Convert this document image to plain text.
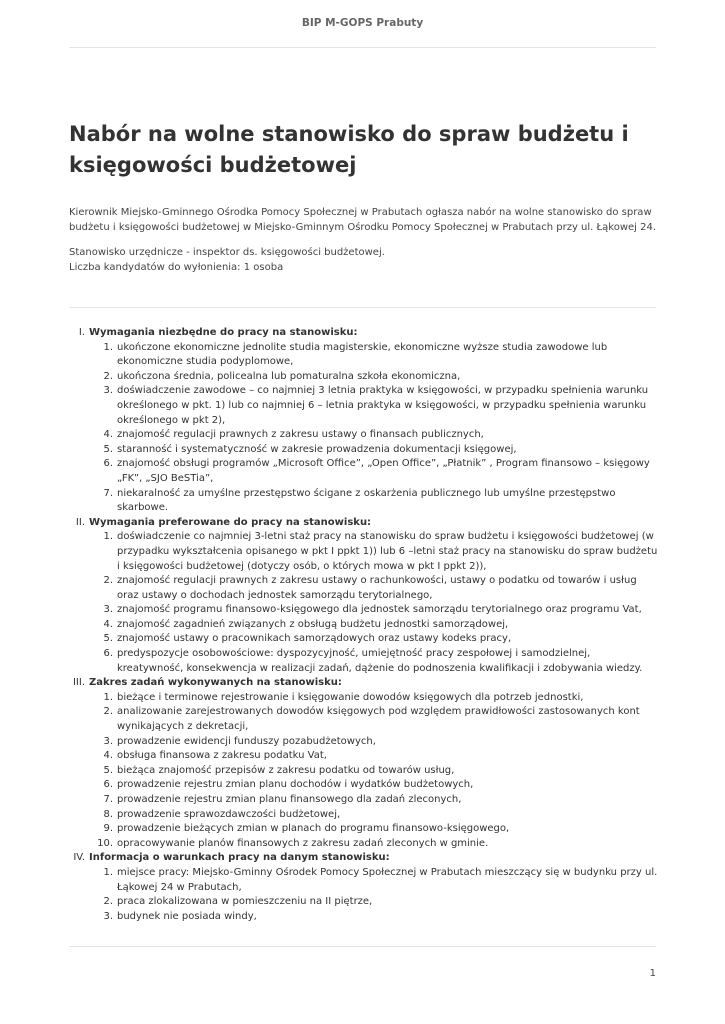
BIP M-GOPS Prabuty
Nabór na wolne stanowisko do spraw budżetu i księgowości budżetowej

Kierownik Miejsko-Gminnego Ośrodka Pomocy Społecznej w Prabutach ogłasza nabór na wolne stanowisko do spraw budżetu i księgowości budżetowej w Miejsko-Gminnym Ośrodku Pomocy Społecznej w Prabutach przy ul. Łąkowej 24.

Stanowisko urzędnicze - inspektor ds. księgowości budżetowej.
Liczba kandydatów do wyłonienia: 1 osoba
I. Wymagania niezbędne do pracy na stanowisku:
1 . ukończone ekonomiczne jednolite studia magisterskie, ekonomiczne wyższe studia zawodowe lub ekonomiczne studia podyplomowe,
2 . ukończona średnia, policealna lub pomaturalna szkoła ekonomiczna,
3 . doświadczenie zawodowe – co najmniej 3 letnia praktyka w księgowości, w przypadku spełnienia warunku określonego w pkt. 1) lub co najmniej 6 – letnia praktyka w księgowości, w przypadku spełnienia warunku określonego w pkt 2),
4 . znajomość regulacji prawnych z zakresu ustawy o finansach publicznych,
5 . staranność i systematyczność w zakresie prowadzenia dokumentacji księgowej,
6 . znajomość obsługi programów „Microsoft Office”, „Open Office”, „Płatnik” , Program finansowo – księgowy „FK”, „SJO BeSTia”,
7 . niekaralność za umyślne przestępstwo ścigane z oskarżenia publicznego lub umyślne przestępstwo skarbowe.
II. Wymagania preferowane do pracy na stanowisku:
1 . doświadczenie co najmniej 3-letni staż pracy na stanowisku do spraw budżetu i księgowości budżetowej (w przypadku wykształcenia opisanego w pkt I ppkt 1)) lub 6 –letni staż pracy na stanowisku do spraw budżetu i księgowości budżetowej (dotyczy osób, o których mowa w pkt I ppkt 2)),
2 . znajomość regulacji prawnych z zakresu ustawy o rachunkowości, ustawy o podatku od towarów i usług oraz ustawy o dochodach jednostek samorządu terytorialnego,
3 . znajomość programu finansowo-księgowego dla jednostek samorządu terytorialnego oraz programu Vat,
4 . znajomość zagadnień związanych z obsługą budżetu jednostki samorządowej,
5 . znajomość ustawy o pracownikach samorządowych oraz ustawy kodeks pracy,
6 . predyspozycje osobowościowe: dyspozycyjność, umiejętność pracy zespołowej i samodzielnej, kreatywność, konsekwencja w realizacji zadań, dążenie do podnoszenia kwalifikacji i zdobywania wiedzy.
III. Zakres zadań wykonywanych na stanowisku:
1 . bieżące i terminowe rejestrowanie i księgowanie dowodów księgowych dla potrzeb jednostki,
2 . analizowanie zarejestrowanych dowodów księgowych pod względem prawidłowości zastosowanych kont wynikających z dekretacji,
3 . prowadzenie ewidencji funduszy pozabudżetowych,
4 . obsługa finansowa z zakresu podatku Vat,
5 . bieżąca znajomość przepisów z zakresu podatku od towarów usług,
6 . prowadzenie rejestru zmian planu dochodów i wydatków budżetowych,
7 . prowadzenie rejestru zmian planu finansowego dla zadań zleconych,
8 . prowadzenie sprawozdawczości budżetowej,
9 . prowadzenie bieżących zmian w planach do programu finansowo-księgowego,
10 . opracowywanie planów finansowych z zakresu zadań zleconych w gminie.
IV. Informacja o warunkach pracy na danym stanowisku:
1 . miejsce pracy: Miejsko-Gminny Ośrodek Pomocy Społecznej w Prabutach mieszczący się w budynku przy ul. Łąkowej 24 w Prabutach,
2 . praca zlokalizowana w pomieszczeniu na II piętrze,
3 . budynek nie posiada windy,
1
